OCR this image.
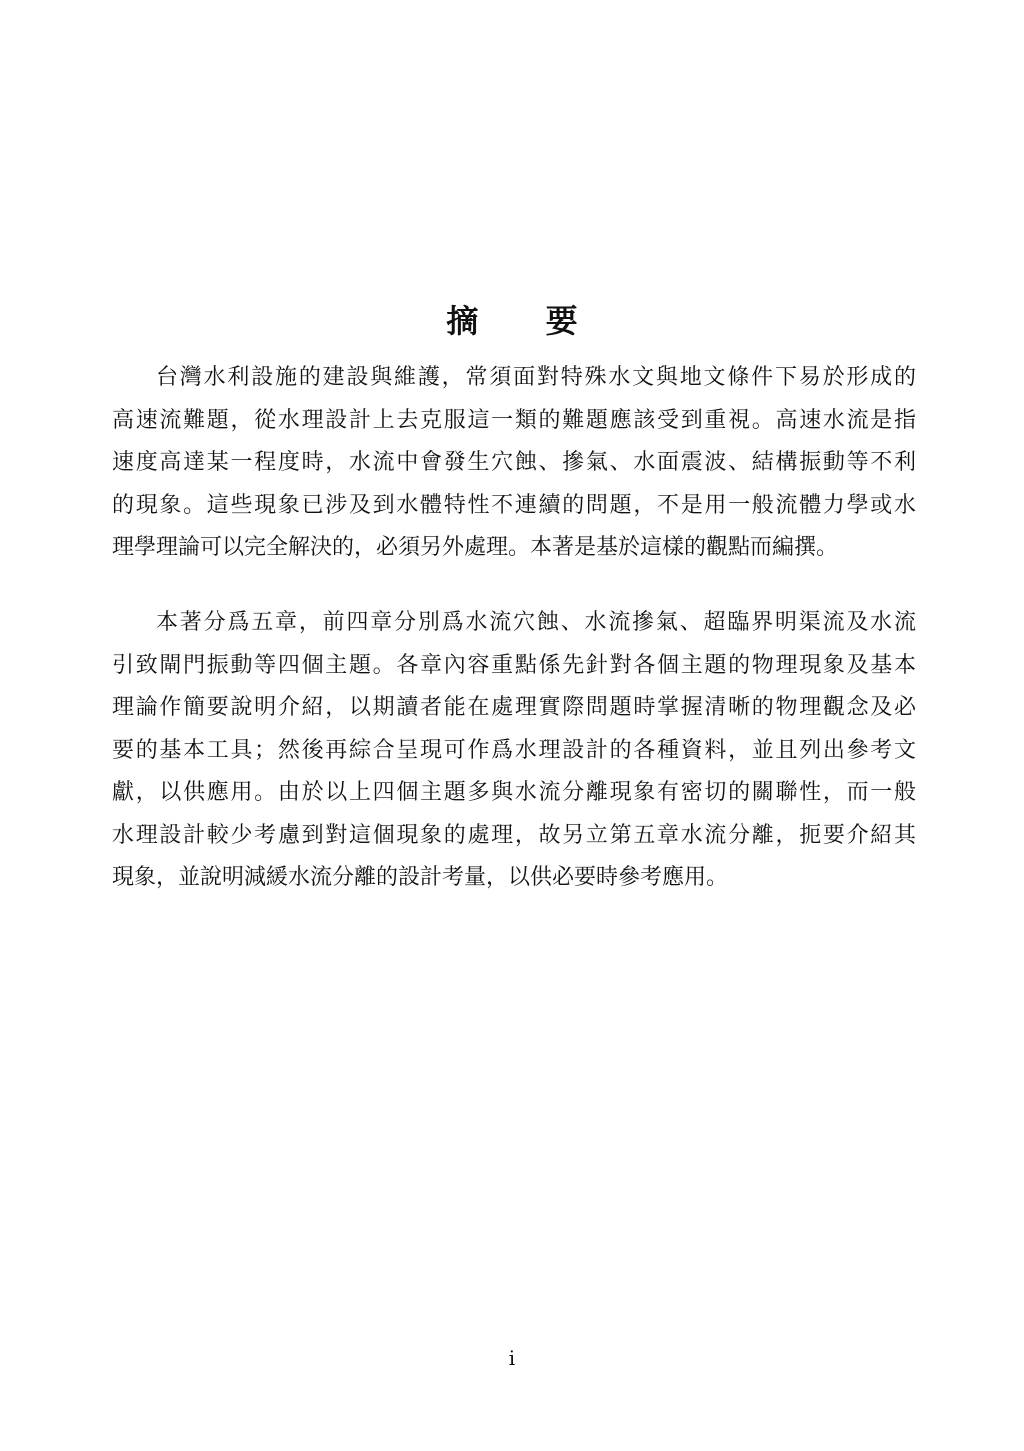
摘 要

台灣水利設施的建設與維護，常須面對特殊水文與地文條件下易於形成的
高速流難題，從水理設計上去克服這一類的難題應該受到重視。高速水流是指
速度高達某一程度時，水流中會發生穴蝕、摻氣、水面震波、結構振動等不利
的現象。這些現象已涉及到水體特性不連續的問題，不是用一般流體力學或水
理學理論可以完全解決的，必須另外處理。本著是基於這樣的觀點而編撰。

本著分爲五章，前四章分別爲水流穴蝕、水流摻氣、超臨界明渠流及水流
引致閘門振動等四個主題。各章內容重點係先針對各個主題的物理現象及基本
理論作簡要說明介紹，以期讀者能在處理實際問題時掌握清晰的物理觀念及必
要的基本工具；然後再綜合呈現可作爲水理設計的各種資料，並且列出參考文
獻，以供應用。由於以上四個主題多與水流分離現象有密切的關聯性，而一般
水理設計較少考慮到對這個現象的處理，故另立第五章水流分離，扼要介紹其
現象，並說明減緩水流分離的設計考量，以供必要時參考應用。

i
